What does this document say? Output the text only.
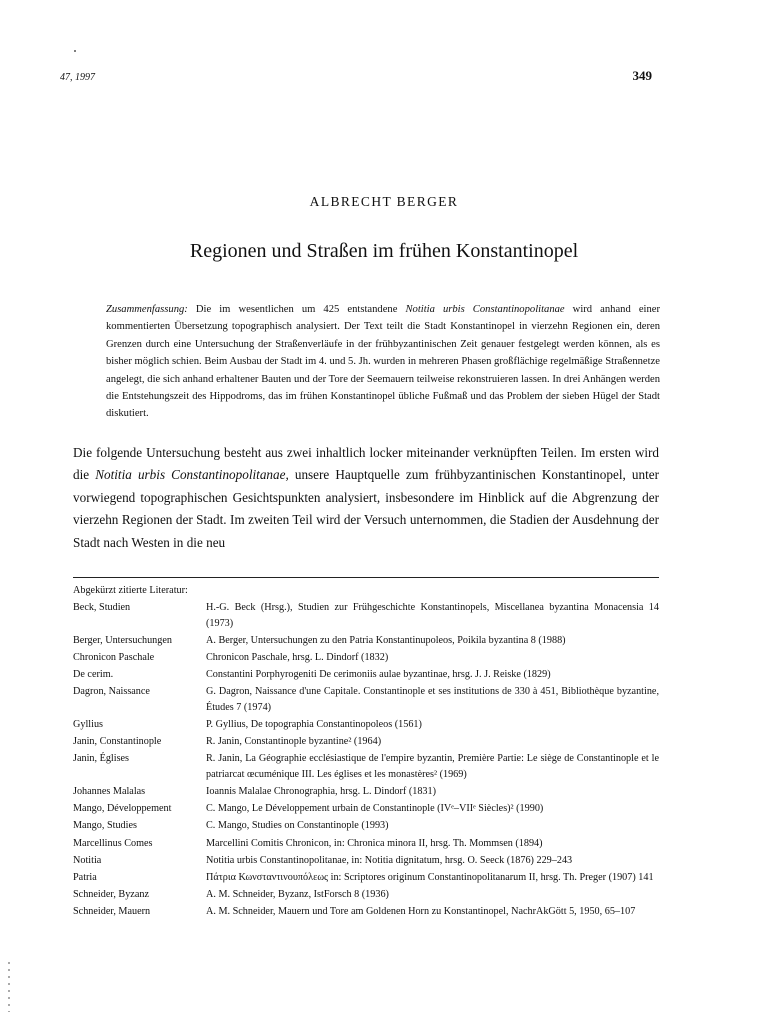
47, 1997	349
ALBRECHT BERGER
Regionen und Straßen im frühen Konstantinopel
Zusammenfassung: Die im wesentlichen um 425 entstandene Notitia urbis Constantinopolitanae wird anhand einer kommentierten Übersetzung topographisch analysiert. Der Text teilt die Stadt Konstantinopel in vierzehn Regionen ein, deren Grenzen durch eine Untersuchung der Straßenverläufe in der frühbyzantinischen Zeit genauer festgelegt werden können, als es bisher möglich schien. Beim Ausbau der Stadt im 4. und 5. Jh. wurden in mehreren Phasen großflächige regelmäßige Straßennetze angelegt, die sich anhand erhaltener Bauten und der Tore der Seemauern teilweise rekonstruieren lassen. In drei Anhängen werden die Entstehungszeit des Hippodroms, das im frühen Konstantinopel übliche Fußmaß und das Problem der sieben Hügel der Stadt diskutiert.
Die folgende Untersuchung besteht aus zwei inhaltlich locker miteinander verknüpften Teilen. Im ersten wird die Notitia urbis Constantinopolitanae, unsere Hauptquelle zum frühbyzantinischen Konstantinopel, unter vorwiegend topographischen Gesichtspunkten analysiert, insbesondere im Hinblick auf die Abgrenzung der vierzehn Regionen der Stadt. Im zweiten Teil wird der Versuch unternommen, die Stadien der Ausdehnung der Stadt nach Westen in die neu
Abgekürzt zitierte Literatur:
Beck, Studien	H.-G. Beck (Hrsg.), Studien zur Frühgeschichte Konstantinopels, Miscellanea byzantina Monacensia 14 (1973)
Berger, Untersuchungen	A. Berger, Untersuchungen zu den Patria Konstantinupoleos, Poikila byzantina 8 (1988)
Chronicon Paschale	Chronicon Paschale, hrsg. L. Dindorf (1832)
De cerim.	Constantini Porphyrogeniti De cerimoniis aulae byzantinae, hrsg. J. J. Reiske (1829)
Dagron, Naissance	G. Dagron, Naissance d'une Capitale. Constantinople et ses institutions de 330 à 451, Bibliothèque byzantine, Études 7 (1974)
Gyllius	P. Gyllius, De topographia Constantinopoleos (1561)
Janin, Constantinople	R. Janin, Constantinople byzantine² (1964)
Janin, Églises	R. Janin, La Géographie ecclésiastique de l'empire byzantin, Première Partie: Le siège de Constantinople et le patriarcat œcuménique III. Les églises et les monastères² (1969)
Johannes Malalas	Ioannis Malalae Chronographia, hrsg. L. Dindorf (1831)
Mango, Développement	C. Mango, Le Développement urbain de Constantinople (IVᵉ–VIIᵉ Siècles)² (1990)
Mango, Studies	C. Mango, Studies on Constantinople (1993)
Marcellinus Comes	Marcellini Comitis Chronicon, in: Chronica minora II, hrsg. Th. Mommsen (1894)
Notitia	Notitia urbis Constantinopolitanae, in: Notitia dignitatum, hrsg. O. Seeck (1876) 229–243
Patria	Πάτρια Κωνσταντινουπόλεως in: Scriptores originum Constantinopolitanarum II, hrsg. Th. Preger (1907) 141
Schneider, Byzanz	A. M. Schneider, Byzanz, IstForsch 8 (1936)
Schneider, Mauern	A. M. Schneider, Mauern und Tore am Goldenen Horn zu Konstantinopel, NachrAkGött 5, 1950, 65–107
